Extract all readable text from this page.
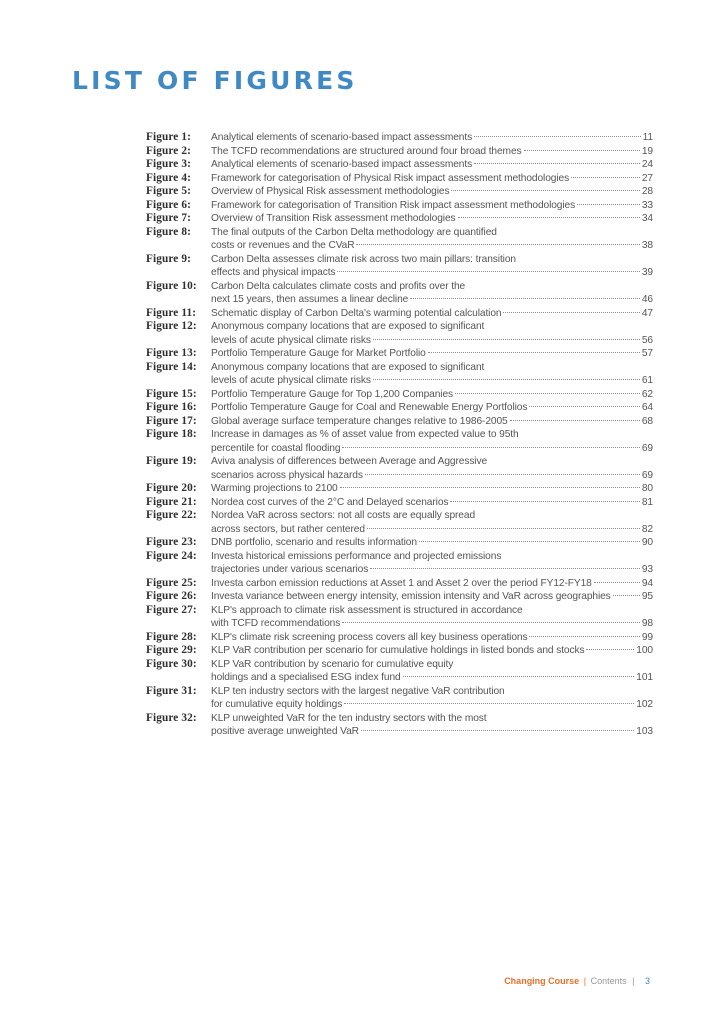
LIST OF FIGURES
Figure 1:	Analytical elements of scenario-based impact assessments	11
Figure 2:	The TCFD recommendations are structured around four broad themes	19
Figure 3:	Analytical elements of scenario-based impact assessments	24
Figure 4:	Framework for categorisation of Physical Risk impact assessment methodologies	27
Figure 5:	Overview of Physical Risk assessment methodologies	28
Figure 6:	Framework for categorisation of Transition Risk impact assessment methodologies	33
Figure 7:	Overview of Transition Risk assessment methodologies	34
Figure 8:	The final outputs of the Carbon Delta methodology are quantified
costs or revenues and the CVaR	38
Figure 9:	Carbon Delta assesses climate risk across two main pillars: transition
effects and physical impacts	39
Figure 10:	Carbon Delta calculates climate costs and profits over the
next 15 years, then assumes a linear decline	46
Figure 11:	Schematic display of Carbon Delta's warming potential calculation	47
Figure 12:	Anonymous company locations that are exposed to significant
levels of acute physical climate risks	56
Figure 13:	Portfolio Temperature Gauge for Market Portfolio	57
Figure 14:	Anonymous company locations that are exposed to significant
levels of acute physical climate risks	61
Figure 15:	Portfolio Temperature Gauge for Top 1,200 Companies	62
Figure 16:	Portfolio Temperature Gauge for Coal and Renewable Energy Portfolios	64
Figure 17:	Global average surface temperature changes relative to 1986-2005	68
Figure 18:	Increase in damages as % of asset value from expected value to 95th
percentile for coastal flooding	69
Figure 19:	Aviva analysis of differences between Average and Aggressive
scenarios across physical hazards	69
Figure 20:	Warming projections to 2100	80
Figure 21:	Nordea cost curves of the 2°C and Delayed scenarios	81
Figure 22:	Nordea VaR across sectors: not all costs are equally spread
across sectors, but rather centered	82
Figure 23:	DNB portfolio, scenario and results information	90
Figure 24:	Investa historical emissions performance and projected emissions
trajectories under various scenarios	93
Figure 25:	Investa carbon emission reductions at Asset 1 and Asset 2 over the period FY12-FY18	94
Figure 26:	Investa variance between energy intensity, emission intensity and VaR across geographies	95
Figure 27:	KLP's approach to climate risk assessment is structured in accordance
with TCFD recommendations	98
Figure 28:	KLP's climate risk screening process covers all key business operations	99
Figure 29:	KLP VaR contribution per scenario for cumulative holdings in listed bonds and stocks	100
Figure 30:	KLP VaR contribution by scenario for cumulative equity
holdings and a specialised ESG index fund	101
Figure 31:	KLP ten industry sectors with the largest negative VaR contribution
for cumulative equity holdings	102
Figure 32:	KLP unweighted VaR for the ten industry sectors with the most
positive average unweighted VaR	103
Changing Course | Contents | 3
